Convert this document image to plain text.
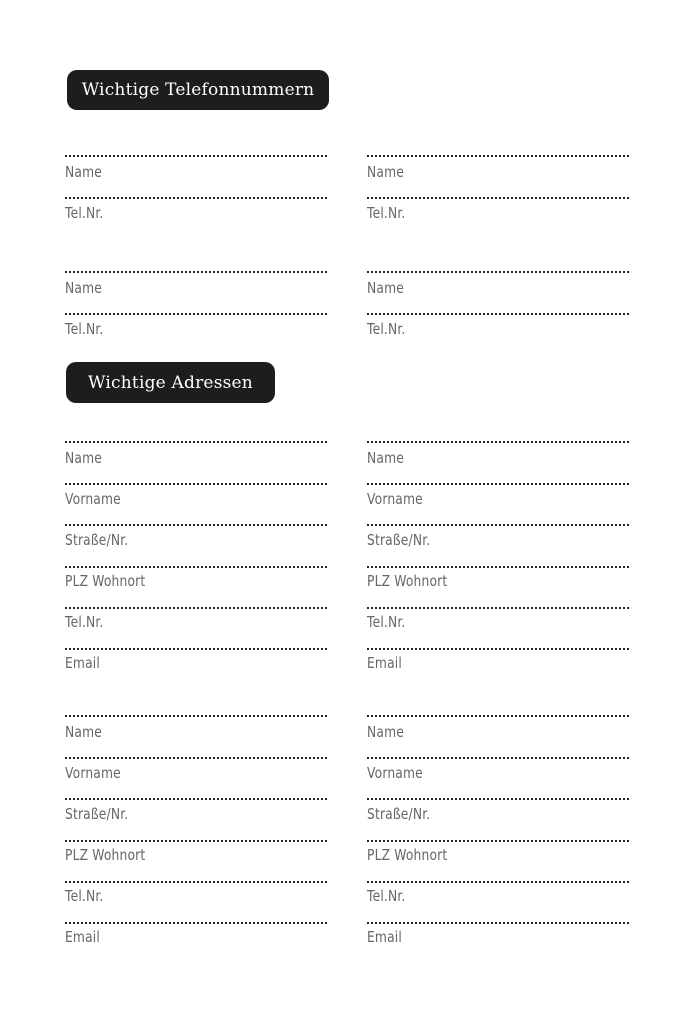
Wichtige Telefonnummern
Name
Tel.Nr.
Name
Tel.Nr.
Name
Tel.Nr.
Name
Tel.Nr.
Wichtige Adressen
Name
Vorname
Straße/Nr.
PLZ Wohnort
Tel.Nr.
Email
Name
Vorname
Straße/Nr.
PLZ Wohnort
Tel.Nr.
Email
Name
Vorname
Straße/Nr.
PLZ Wohnort
Tel.Nr.
Email
Name
Vorname
Straße/Nr.
PLZ Wohnort
Tel.Nr.
Email
